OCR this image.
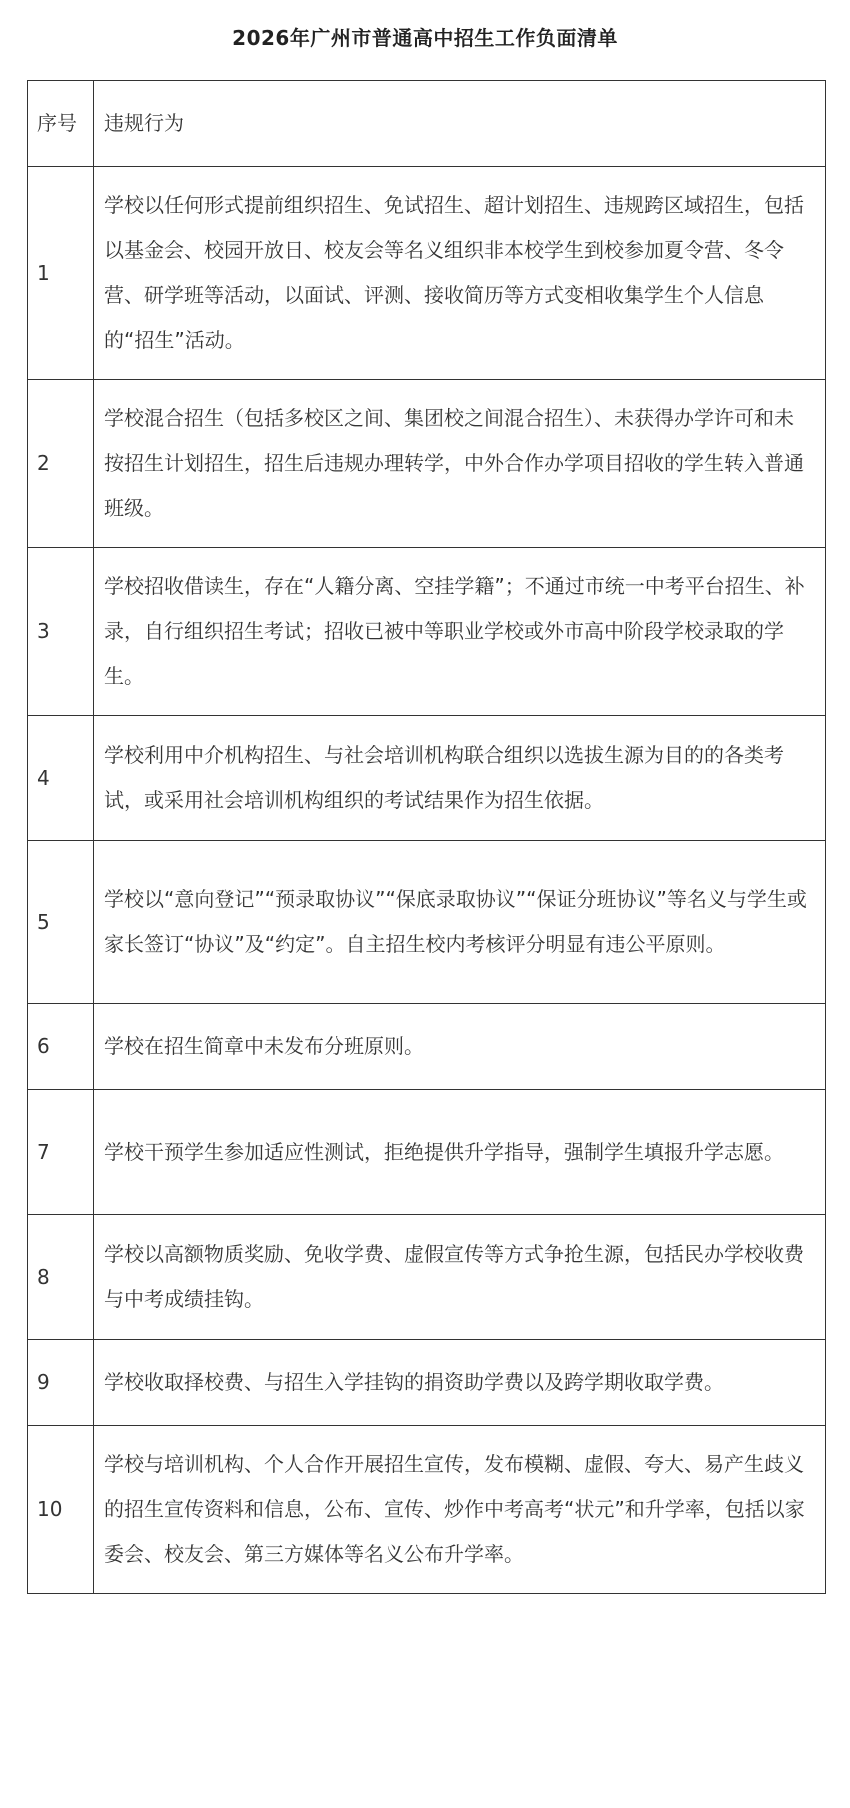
2026年广州市普通高中招生工作负面清单
序号	违规行为
1	学校以任何形式提前组织招生、免试招生、超计划招生、违规跨区域招生，包括以基金会、校园开放日、校友会等名义组织非本校学生到校参加夏令营、冬令营、研学班等活动，以面试、评测、接收简历等方式变相收集学生个人信息的“招生”活动。
2	学校混合招生（包括多校区之间、集团校之间混合招生）、未获得办学许可和未按招生计划招生，招生后违规办理转学，中外合作办学项目招收的学生转入普通班级。
3	学校招收借读生，存在“人籍分离、空挂学籍”；不通过市统一中考平台招生、补录，自行组织招生考试；招收已被中等职业学校或外市高中阶段学校录取的学生。
4	学校利用中介机构招生、与社会培训机构联合组织以选拔生源为目的的各类考试，或采用社会培训机构组织的考试结果作为招生依据。
5	学校以“意向登记”“预录取协议”“保底录取协议”“保证分班协议”等名义与学生或家长签订“协议”及“约定”。自主招生校内考核评分明显有违公平原则。
6	学校在招生简章中未发布分班原则。
7	学校干预学生参加适应性测试，拒绝提供升学指导，强制学生填报升学志愿。
8	学校以高额物质奖励、免收学费、虚假宣传等方式争抢生源，包括民办学校收费与中考成绩挂钩。
9	学校收取择校费、与招生入学挂钩的捐资助学费以及跨学期收取学费。
10	学校与培训机构、个人合作开展招生宣传，发布模糊、虚假、夸大、易产生歧义的招生宣传资料和信息，公布、宣传、炒作中考高考“状元”和升学率，包括以家委会、校友会、第三方媒体等名义公布升学率。
